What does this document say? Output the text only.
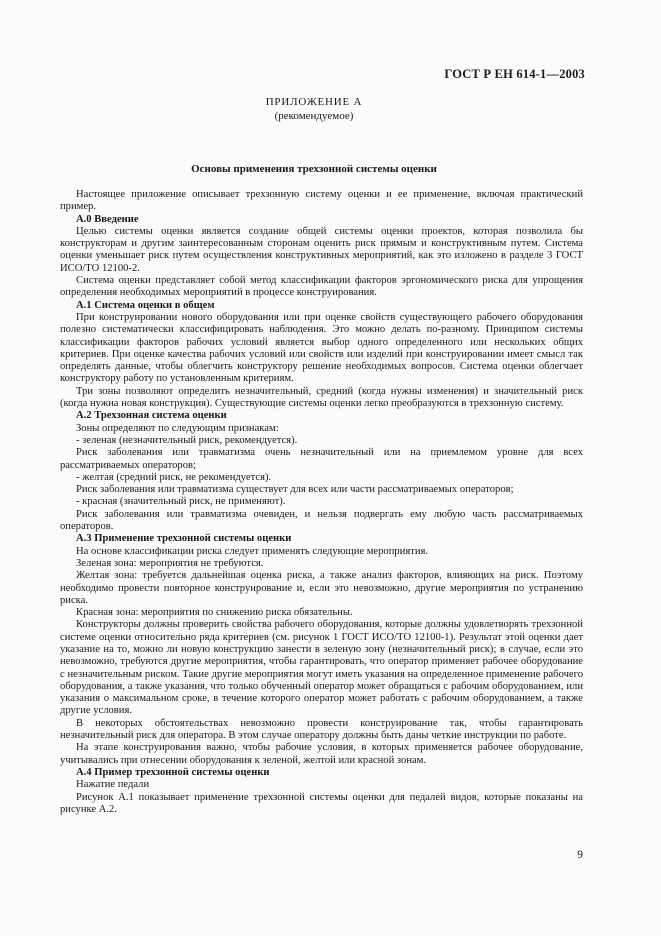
ГОСТ Р ЕН 614-1—2003
ПРИЛОЖЕНИЕ А
(рекомендуемое)
Основы применения трехзонной системы оценки

Настоящее приложение описывает трехзонную систему оценки и ее применение, включая практический пример.

А.0 Введение

Целью системы оценки является создание общей системы оценки проектов, которая позволила бы конструкторам и другим заинтересованным сторонам оценить риск прямым и конструктивным путем. Система оценки уменьшает риск путем осуществления конструктивных мероприятий, как это изложено в разделе 3 ГОСТ ИСО/ТО 12100-2.

Система оценки представляет собой метод классификации факторов эргономического риска для упрощения определения необходимых мероприятий в процессе конструирования.

А.1 Система оценки в общем

При конструировании нового оборудования или при оценке свойств существующего рабочего оборудования полезно систематически классифицировать наблюдения. Это можно делать по-разному. Принципом системы классификации факторов рабочих условий является выбор одного определенного или нескольких общих критериев. При оценке качества рабочих условий или свойств или изделий при конструировании имеет смысл так определять данные, чтобы облегчить конструктору решение необходимых вопросов. Система оценки облегчает конструктору работу по установленным критериям.

Три зоны позволяют определить незначительный, средний (когда нужны изменения) и значительный риск (когда нужна новая конструкция). Существующие системы оценки легко преобразуются в трехзонную систему.

А.2 Трехзонная система оценки

Зоны определяют по следующим признакам:

- зеленая (незначительный риск, рекомендуется).

Риск заболевания или травматизма очень незначительный или на приемлемом уровне для всех рассматриваемых операторов;

- желтая (средний риск, не рекомендуется).

Риск заболевания или травматизма существует для всех или части рассматриваемых операторов;

- красная (значительный риск, не применяют).

Риск заболевания или травматизма очевиден, и нельзя подвергать ему любую часть рассматриваемых операторов.

А.3 Применение трехзонной системы оценки

На основе классификации риска следует применять следующие мероприятия.

Зеленая зона: мероприятия не требуются.

Желтая зона: требуется дальнейшая оценка риска, а также анализ факторов, влияющих на риск. Поэтому необходимо провести повторное конструирование и, если это невозможно, другие мероприятия по устранению риска.

Красная зона: мероприятия по снижению риска обязательны.

Конструкторы должны проверить свойства рабочего оборудования, которые должны удовлетворять трехзонной системе оценки относительно ряда критериев (см. рисунок 1 ГОСТ ИСО/ТО 12100-1). Результат этой оценки дает указание на то, можно ли новую конструкцию занести в зеленую зону (незначительный риск); в случае, если это невозможно, требуются другие мероприятия, чтобы гарантировать, что оператор применяет рабочее оборудование с незначительным риском. Такие другие мероприятия могут иметь указания на определенное применение рабочего оборудования, а также указания, что только обученный оператор может обращаться с рабочим оборудованием, или указания о максимальном сроке, в течение которого оператор может работать с рабочим оборудованием, а также другие условия.

В некоторых обстоятельствах невозможно провести конструирование так, чтобы гарантировать незначительный риск для оператора. В этом случае оператору должны быть даны четкие инструкции по работе.

На этапе конструирования важно, чтобы рабочие условия, в которых применяется рабочее оборудование, учитывались при отнесении оборудования к зеленой, желтой или красной зонам.

А.4 Пример трехзонной системы оценки

Нажатие педали

Рисунок А.1 показывает применение трехзонной системы оценки для педалей видов, которые показаны на рисунке А.2.

9
